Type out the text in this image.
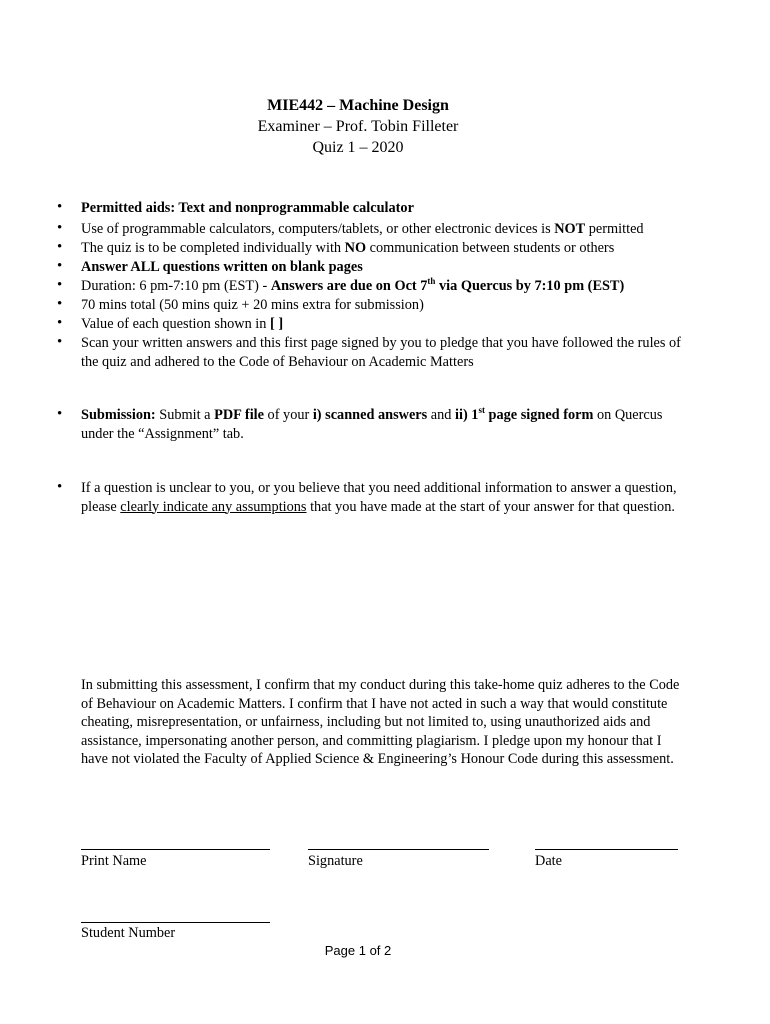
MIE442 – Machine Design
Examiner – Prof. Tobin Filleter
Quiz 1 – 2020
•	Permitted aids: Text and nonprogrammable calculator
•	Use of programmable calculators, computers/tablets, or other electronic devices is NOT permitted
•	The quiz is to be completed individually with NO communication between students or others
•	Answer ALL questions written on blank pages
•	Duration: 6 pm-7:10 pm (EST) - Answers are due on Oct 7th via Quercus by 7:10 pm (EST)
•	70 mins total (50 mins quiz + 20 mins extra for submission)
•	Value of each question shown in [ ]
•	Scan your written answers and this first page signed by you to pledge that you have followed the rules of the quiz and adhered to the Code of Behaviour on Academic Matters
•	Submission: Submit a PDF file of your i) scanned answers and ii) 1st page signed form on Quercus under the “Assignment” tab.
•	If a question is unclear to you, or you believe that you need additional information to answer a question, please clearly indicate any assumptions that you have made at the start of your answer for that question.
In submitting this assessment, I confirm that my conduct during this take-home quiz adheres to the Code of Behaviour on Academic Matters. I confirm that I have not acted in such a way that would constitute cheating, misrepresentation, or unfairness, including but not limited to, using unauthorized aids and assistance, impersonating another person, and committing plagiarism. I pledge upon my honour that I have not violated the Faculty of Applied Science & Engineering’s Honour Code during this assessment.
Print Name	Signature	Date
Student Number
Page 1 of 2
